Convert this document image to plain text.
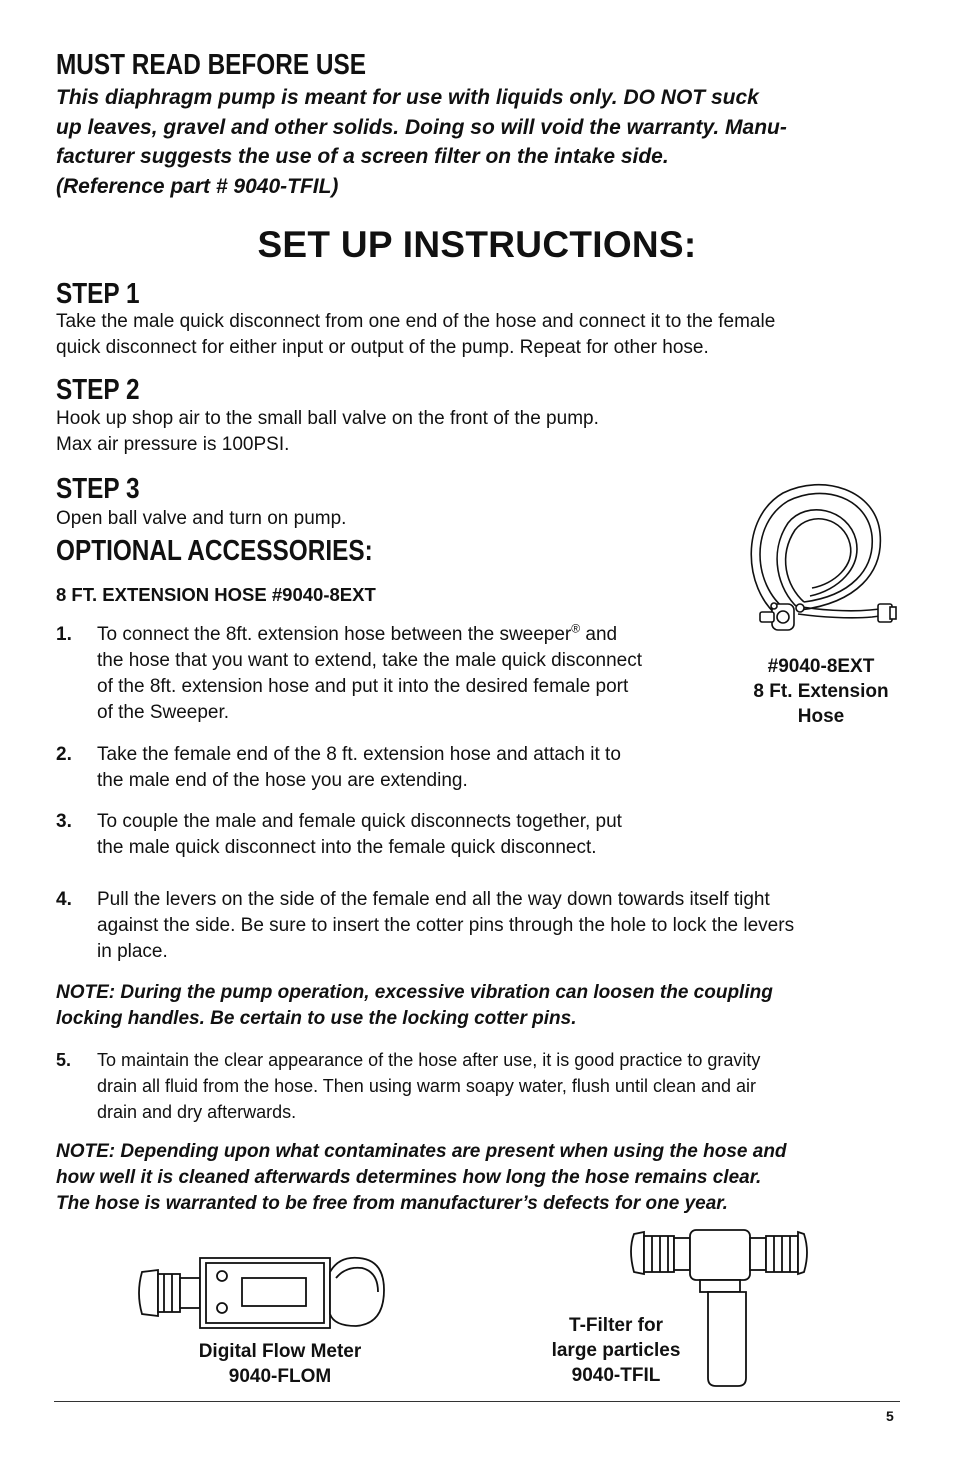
MUST READ BEFORE USE
This diaphragm pump is meant for use with liquids only. DO NOT suck
up leaves, gravel and other solids. Doing so will void the warranty. Manu-
facturer suggests the use of a screen filter on the intake side.
(Reference part # 9040-TFIL)
SET UP INSTRUCTIONS:
STEP 1
Take the male quick disconnect from one end of the hose and connect it to the female
quick disconnect for either input or output of the pump. Repeat for other hose.
STEP 2
Hook up shop air to the small ball valve on the front of the pump.
Max air pressure is 100PSI.
STEP 3
Open ball valve and turn on pump.
OPTIONAL ACCESSORIES:
8 FT. EXTENSION HOSE #9040-8EXT
1. To connect the 8ft. extension hose between the sweeper® and
the hose that you want to extend, take the male quick disconnect
of the 8ft. extension hose and put it into the desired female port
of the Sweeper.
2. Take the female end of the 8 ft. extension hose and attach it to
the male end of the hose you are extending.
3. To couple the male and female quick disconnects together, put
the male quick disconnect into the female quick disconnect.
4. Pull the levers on the side of the female end all the way down towards itself tight
against the side. Be sure to insert the cotter pins through the hole to lock the levers
in place.
NOTE: During the pump operation, excessive vibration can loosen the coupling
locking handles. Be certain to use the locking cotter pins.
5. To maintain the clear appearance of the hose after use, it is good practice to gravity
drain all fluid from the hose. Then using warm soapy water, flush until clean and air
drain and dry afterwards.
NOTE: Depending upon what contaminates are present when using the hose and
how well it is cleaned afterwards determines how long the hose remains clear.
The hose is warranted to be free from manufacturer’s defects for one year.
#9040-8EXT
8 Ft. Extension
Hose
Digital Flow Meter
9040-FLOM
T-Filter for
large particles
9040-TFIL
5
